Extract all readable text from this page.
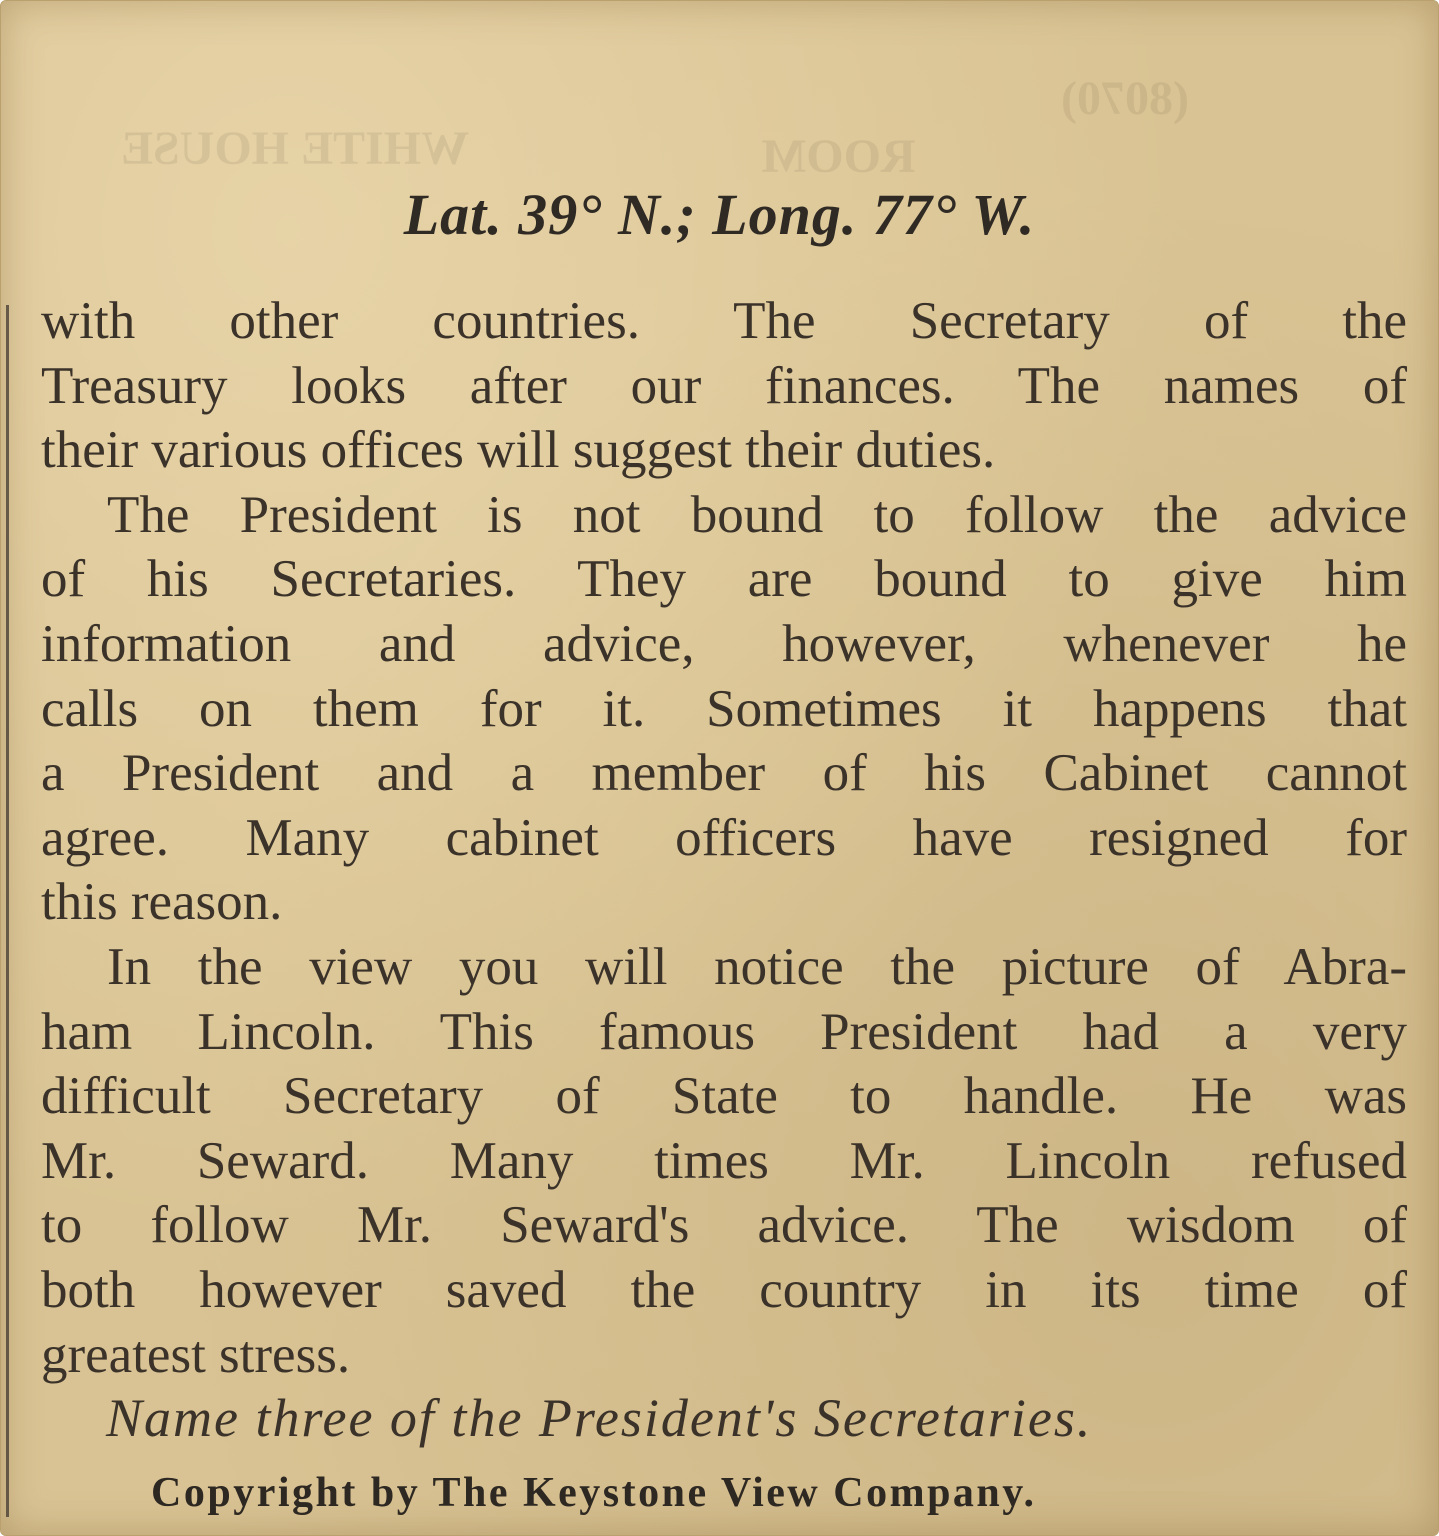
(8070)
WHITE HOUSE	ROOM
Lat. 39° N.; Long. 77° W.
with other countries. The Secretary of the
Treasury looks after our finances. The names of
their various offices will suggest their duties.
The President is not bound to follow the advice
of his Secretaries. They are bound to give him
information and advice, however, whenever he
calls on them for it. Sometimes it happens that
a President and a member of his Cabinet cannot
agree. Many cabinet officers have resigned for
this reason.
In the view you will notice the picture of Abra-
ham Lincoln. This famous President had a very
difficult Secretary of State to handle. He was
Mr. Seward. Many times Mr. Lincoln refused
to follow Mr. Seward's advice. The wisdom of
both however saved the country in its time of
greatest stress.
Name three of the President's Secretaries.
Copyright by The Keystone View Company.
